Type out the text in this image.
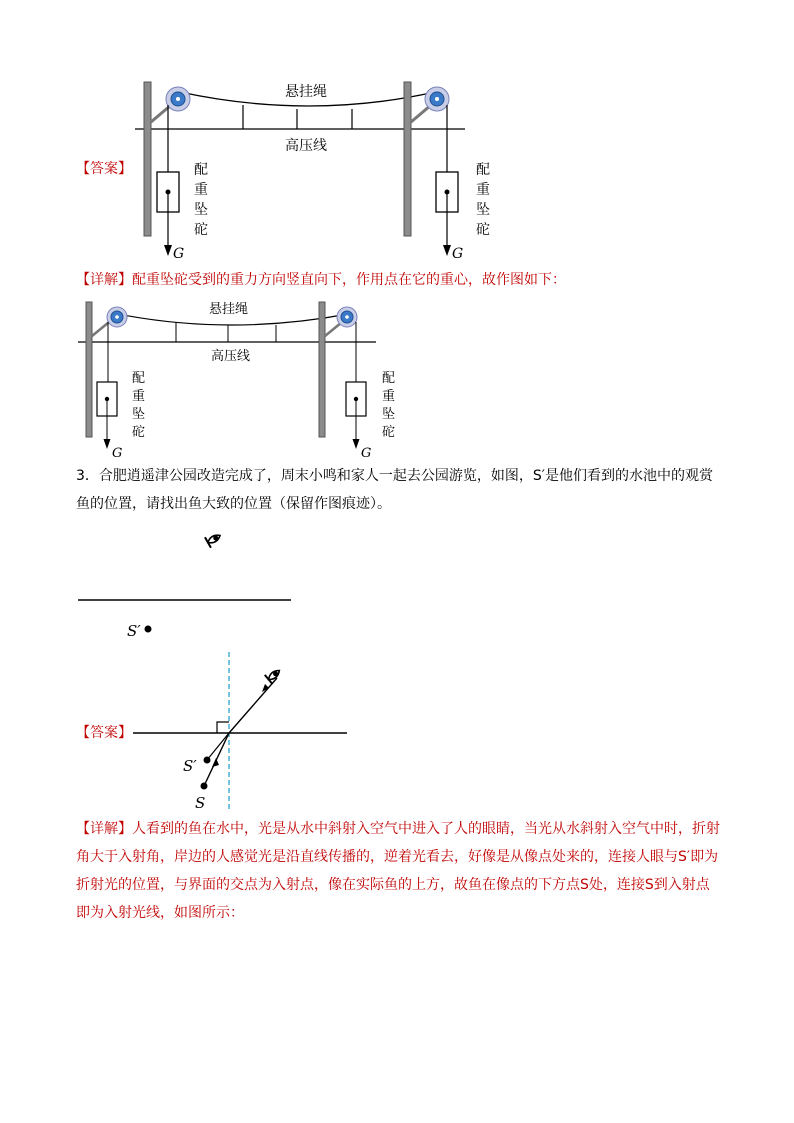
【答案】
悬挂绳
高压线
配
重
坠
砣
G	G
配
重
坠
砣
【详解】配重坠砣受到的重力方向竖直向下，作用点在它的重心，故作图如下：
悬挂绳
高压线
配
重
坠
砣
配
重
坠
砣
G	G

3．合肥逍遥津公园改造完成了，周末小鸣和家人一起去公园游览，如图，S′是他们看到的水池中的观赏

鱼的位置，请找出鱼大致的位置（保留作图痕迹）。

S′
【答案】
S′
S

【详解】人看到的鱼在水中，光是从水中斜射入空气中进入了人的眼睛，当光从水斜射入空气中时，折射

角大于入射角，岸边的人感觉光是沿直线传播的，逆着光看去，好像是从像点处来的，连接人眼与S′即为

折射光的位置，与界面的交点为入射点，像在实际鱼的上方，故鱼在像点的下方点S处，连接S到入射点

即为入射光线，如图所示：
